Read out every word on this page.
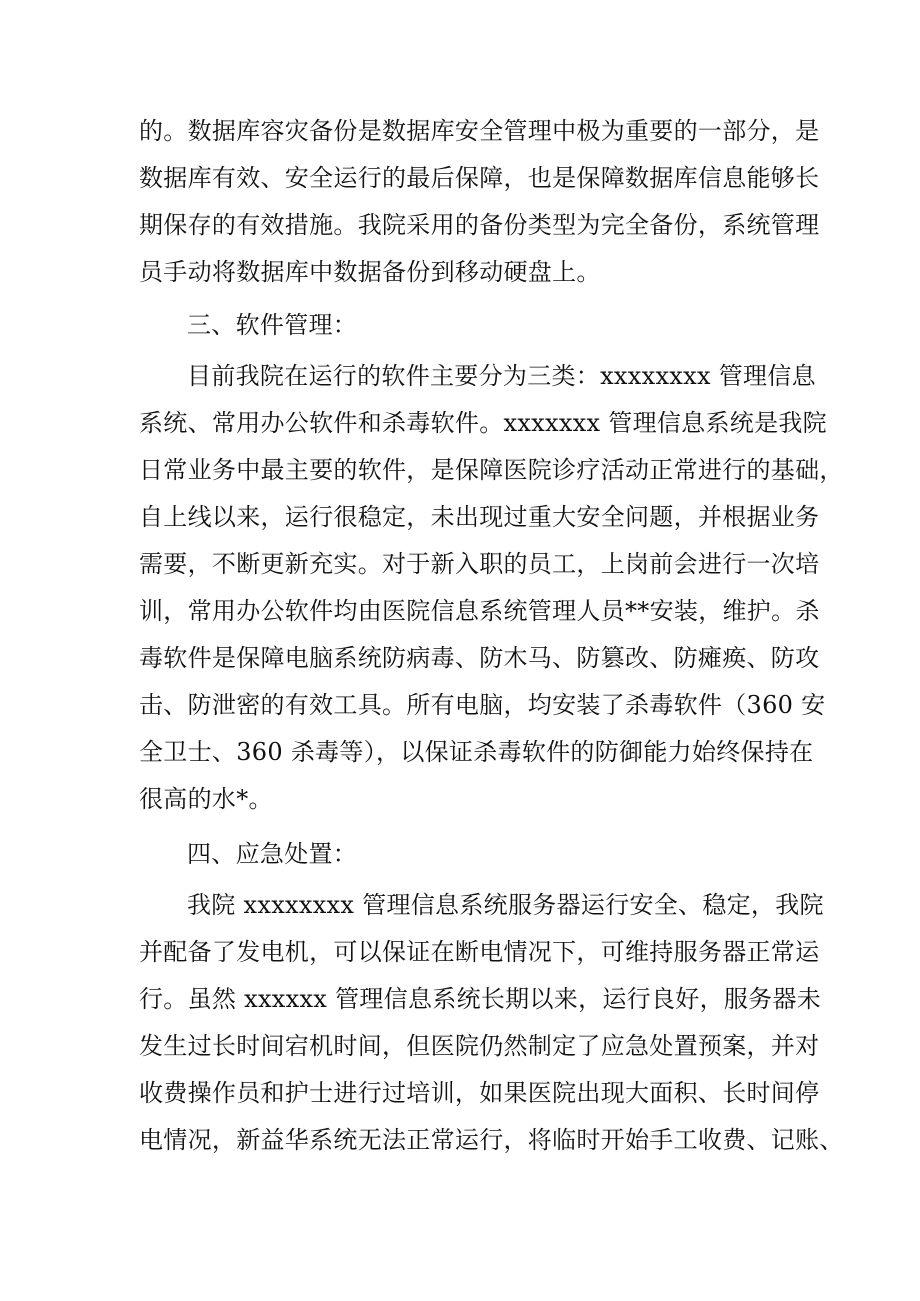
的。数据库容灾备份是数据库安全管理中极为重要的一部分，是
数据库有效、安全运行的最后保障，也是保障数据库信息能够长
期保存的有效措施。我院采用的备份类型为完全备份，系统管理
员手动将数据库中数据备份到移动硬盘上。
三、软件管理：
目前我院在运行的软件主要分为三类：xxxxxxxx 管理信息
系统、常用办公软件和杀毒软件。xxxxxxx 管理信息系统是我院
日常业务中最主要的软件，是保障医院诊疗活动正常进行的基础，
自上线以来，运行很稳定，未出现过重大安全问题，并根据业务
需要，不断更新充实。对于新入职的员工，上岗前会进行一次培
训，常用办公软件均由医院信息系统管理人员**安装，维护。杀
毒软件是保障电脑系统防病毒、防木马、防篡改、防瘫痪、防攻
击、防泄密的有效工具。所有电脑，均安装了杀毒软件（360 安
全卫士、360 杀毒等），以保证杀毒软件的防御能力始终保持在
很高的水*。
四、应急处置：
我院 xxxxxxxx 管理信息系统服务器运行安全、稳定，我院
并配备了发电机，可以保证在断电情况下，可维持服务器正常运
行。虽然 xxxxxx 管理信息系统长期以来，运行良好，服务器未
发生过长时间宕机时间，但医院仍然制定了应急处置预案，并对
收费操作员和护士进行过培训，如果医院出现大面积、长时间停
电情况，新益华系统无法正常运行，将临时开始手工收费、记账、
